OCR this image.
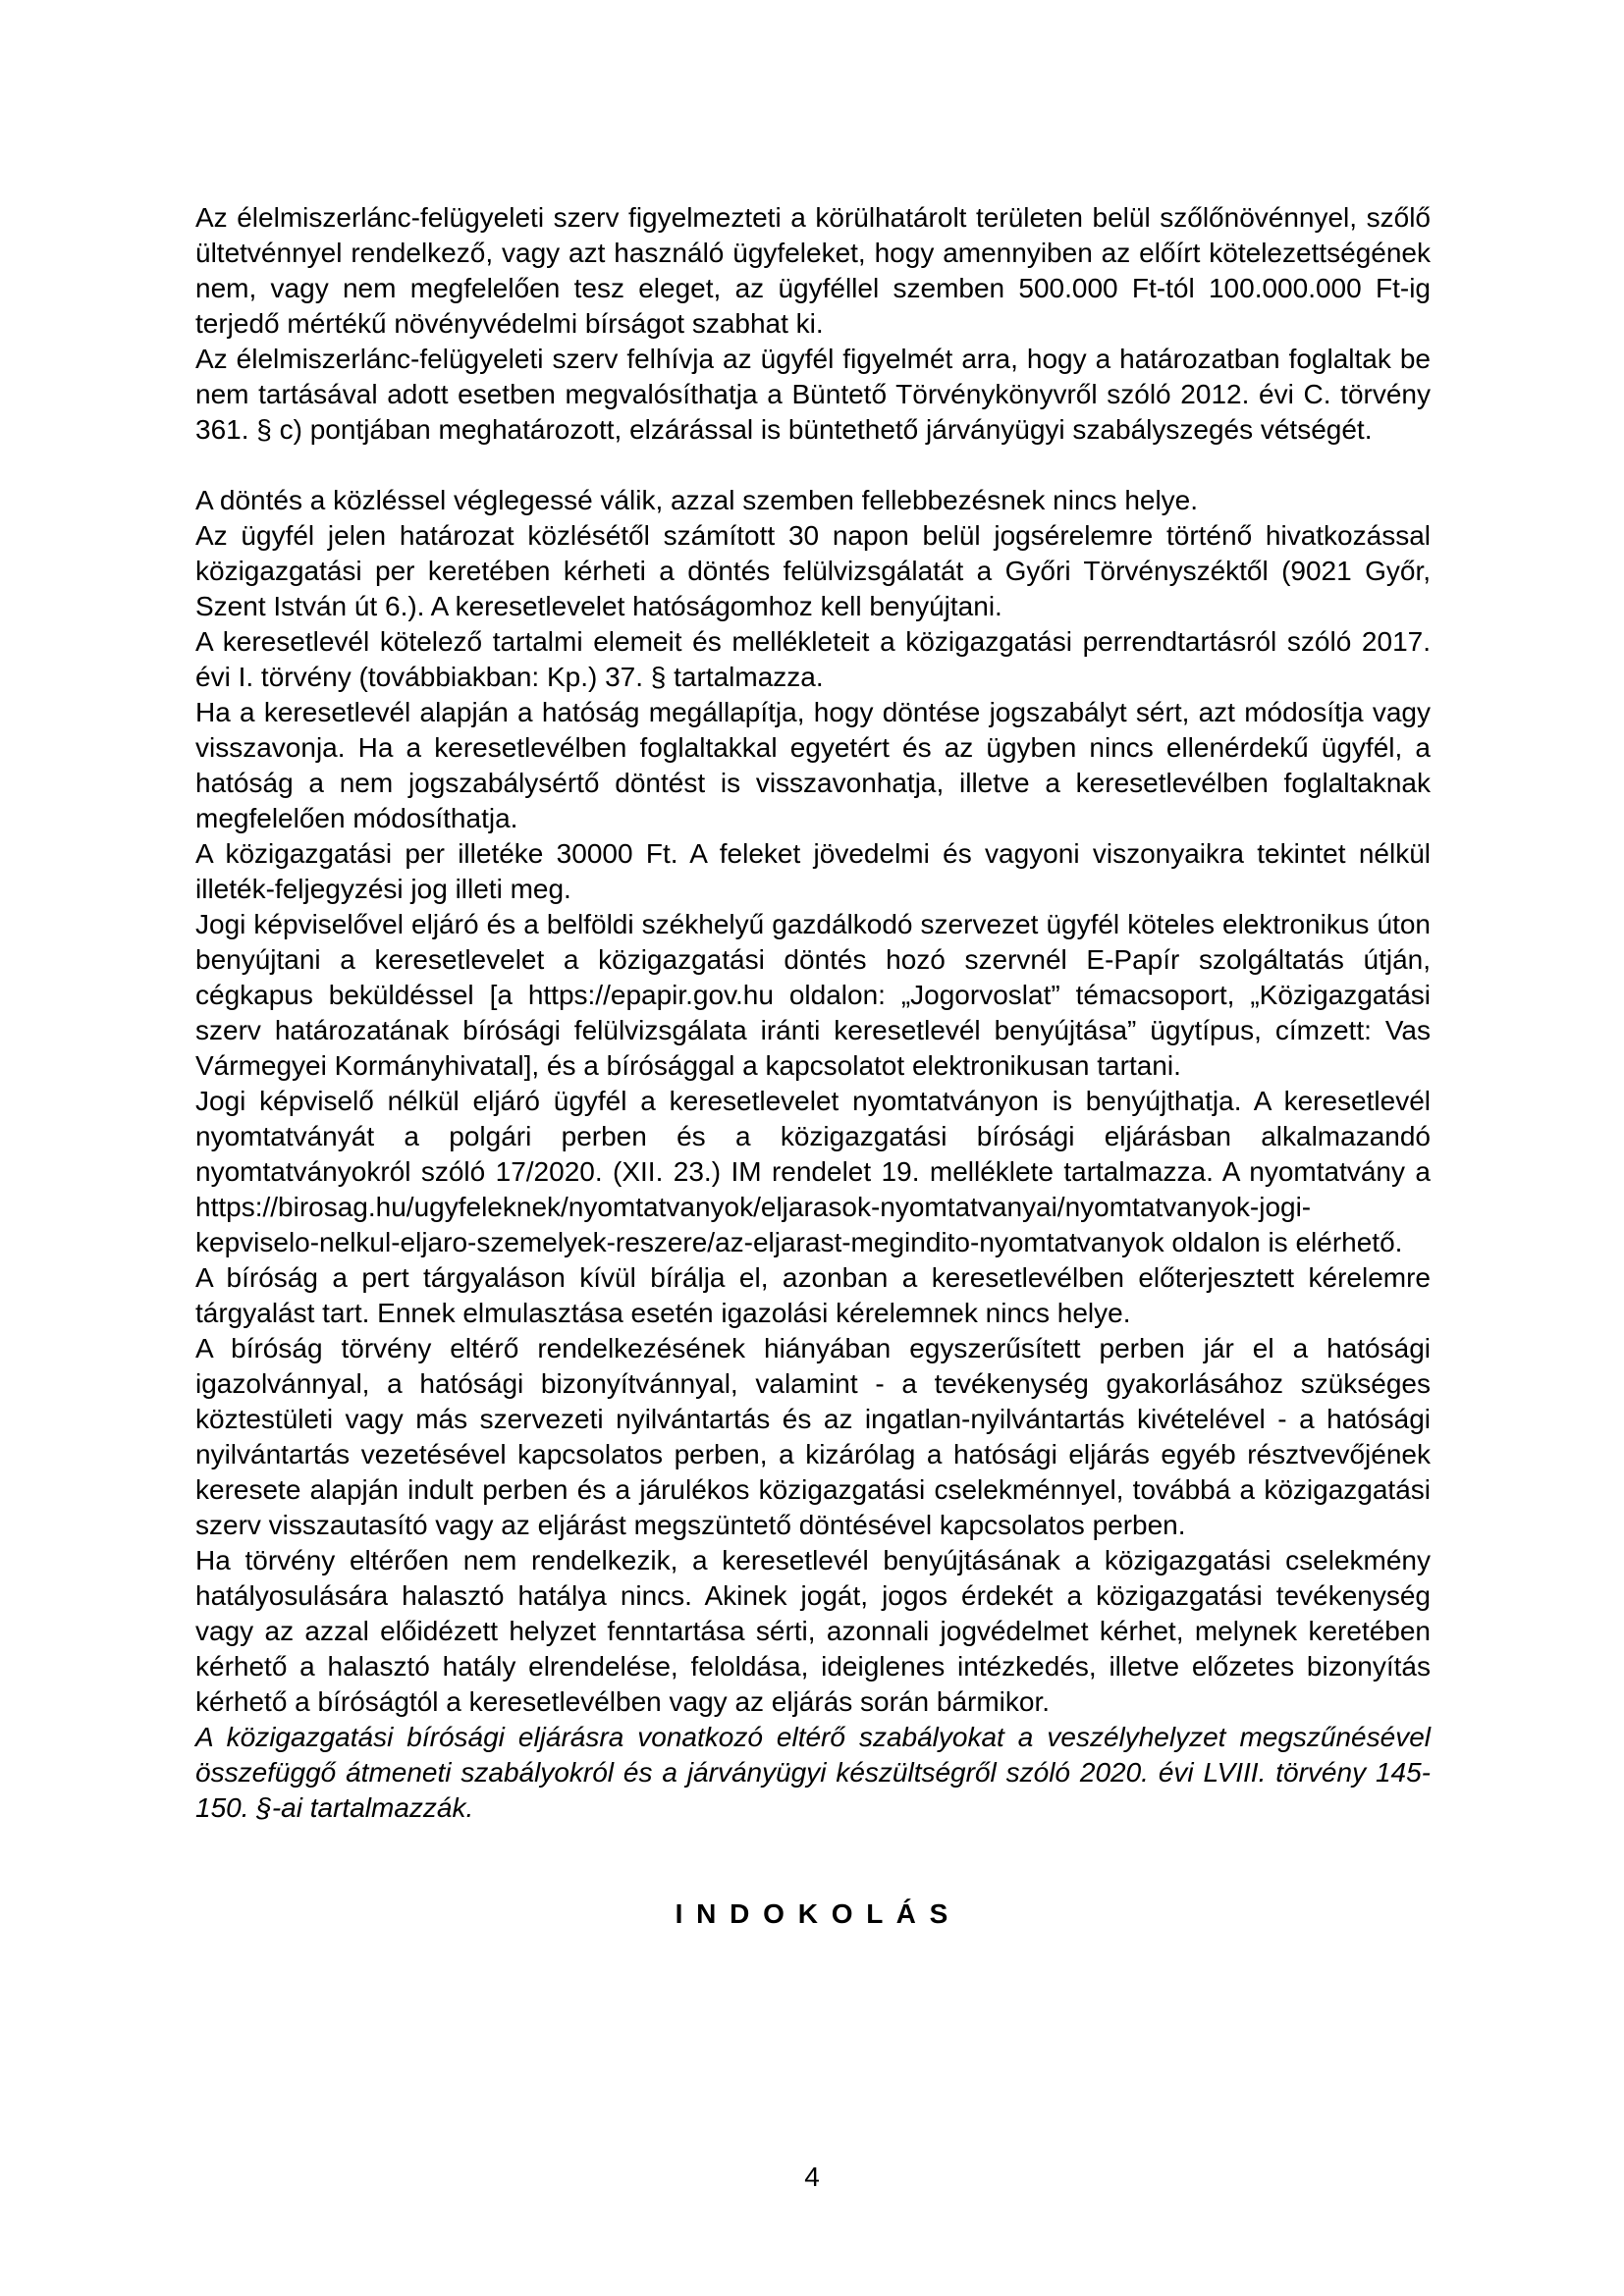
Az élelmiszerlánc-felügyeleti szerv figyelmezteti a körülhatárolt területen belül szőlőnövénnyel, szőlő ültetvénnyel rendelkező, vagy azt használó ügyfeleket, hogy amennyiben az előírt kötelezettségének nem, vagy nem megfelelően tesz eleget, az ügyféllel szemben 500.000 Ft-tól 100.000.000 Ft-ig terjedő mértékű növényvédelmi bírságot szabhat ki.

Az élelmiszerlánc-felügyeleti szerv felhívja az ügyfél figyelmét arra, hogy a határozatban foglaltak be nem tartásával adott esetben megvalósíthatja a Büntető Törvénykönyvről szóló 2012. évi C. törvény 361. § c) pontjában meghatározott, elzárással is büntethető járványügyi szabályszegés vétségét.

A döntés a közléssel véglegessé válik, azzal szemben fellebbezésnek nincs helye.

Az ügyfél jelen határozat közlésétől számított 30 napon belül jogsérelemre történő hivatkozással közigazgatási per keretében kérheti a döntés felülvizsgálatát a Győri Törvényszéktől (9021 Győr, Szent István út 6.). A keresetlevelet hatóságomhoz kell benyújtani.

A keresetlevél kötelező tartalmi elemeit és mellékleteit a közigazgatási perrendtartásról szóló 2017. évi I. törvény (továbbiakban: Kp.) 37. § tartalmazza.

Ha a keresetlevél alapján a hatóság megállapítja, hogy döntése jogszabályt sért, azt módosítja vagy visszavonja. Ha a keresetlevélben foglaltakkal egyetért és az ügyben nincs ellenérdekű ügyfél, a hatóság a nem jogszabálysértő döntést is visszavonhatja, illetve a keresetlevélben foglaltaknak megfelelően módosíthatja.

A közigazgatási per illetéke 30000 Ft. A feleket jövedelmi és vagyoni viszonyaikra tekintet nélkül illeték-feljegyzési jog illeti meg.

Jogi képviselővel eljáró és a belföldi székhelyű gazdálkodó szervezet ügyfél köteles elektronikus úton benyújtani a keresetlevelet a közigazgatási döntés hozó szervnél E-Papír szolgáltatás útján, cégkapus beküldéssel [a https://epapir.gov.hu oldalon: „Jogorvoslat” témacsoport, „Közigazgatási szerv határozatának bírósági felülvizsgálata iránti keresetlevél benyújtása” ügytípus, címzett: Vas Vármegyei Kormányhivatal], és a bírósággal a kapcsolatot elektronikusan tartani.

Jogi képviselő nélkül eljáró ügyfél a keresetlevelet nyomtatványon is benyújthatja. A keresetlevél nyomtatványát a polgári perben és a közigazgatási bírósági eljárásban alkalmazandó nyomtatványokról szóló 17/2020. (XII. 23.) IM rendelet 19. melléklete tartalmazza. A nyomtatvány a https://birosag.hu/ugyfeleknek/nyomtatvanyok/eljarasok-nyomtatvanyai/nyomtatvanyok-jogi-kepviselo-nelkul-eljaro-szemelyek-reszere/az-eljarast-megindito-nyomtatvanyok oldalon is elérhető.

A bíróság a pert tárgyaláson kívül bírálja el, azonban a keresetlevélben előterjesztett kérelemre tárgyalást tart. Ennek elmulasztása esetén igazolási kérelemnek nincs helye.

A bíróság törvény eltérő rendelkezésének hiányában egyszerűsített perben jár el a hatósági igazolvánnyal, a hatósági bizonyítvánnyal, valamint - a tevékenység gyakorlásához szükséges köztestületi vagy más szervezeti nyilvántartás és az ingatlan-nyilvántartás kivételével - a hatósági nyilvántartás vezetésével kapcsolatos perben, a kizárólag a hatósági eljárás egyéb résztvevőjének keresete alapján indult perben és a járulékos közigazgatási cselekménnyel, továbbá a közigazgatási szerv visszautasító vagy az eljárást megszüntető döntésével kapcsolatos perben.

Ha törvény eltérően nem rendelkezik, a keresetlevél benyújtásának a közigazgatási cselekmény hatályosulására halasztó hatálya nincs. Akinek jogát, jogos érdekét a közigazgatási tevékenység vagy az azzal előidézett helyzet fenntartása sérti, azonnali jogvédelmet kérhet, melynek keretében kérhető a halasztó hatály elrendelése, feloldása, ideiglenes intézkedés, illetve előzetes bizonyítás kérhető a bíróságtól a keresetlevélben vagy az eljárás során bármikor.

A közigazgatási bírósági eljárásra vonatkozó eltérő szabályokat a veszélyhelyzet megszűnésével összefüggő átmeneti szabályokról és a járványügyi készültségről szóló 2020. évi LVIII. törvény 145-150. §-ai tartalmazzák.

I N D O K O L Á S
4
